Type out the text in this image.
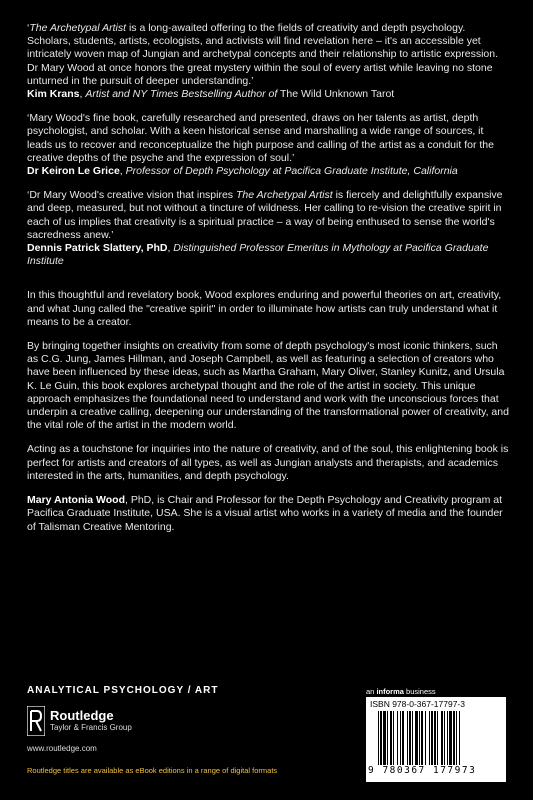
‘The Archetypal Artist is a long-awaited offering to the fields of creativity and depth psychology. Scholars, students, artists, ecologists, and activists will find revelation here – it's an accessible yet intricately woven map of Jungian and archetypal concepts and their relationship to artistic expression. Dr Mary Wood at once honors the great mystery within the soul of every artist while leaving no stone unturned in the pursuit of deeper understanding.’

Kim Krans, Artist and NY Times Bestselling Author of The Wild Unknown Tarot

‘Mary Wood's fine book, carefully researched and presented, draws on her talents as artist, depth psychologist, and scholar. With a keen historical sense and marshalling a wide range of sources, it leads us to recover and reconceptualize the high purpose and calling of the artist as a conduit for the creative depths of the psyche and the expression of soul.’

Dr Keiron Le Grice, Professor of Depth Psychology at Pacifica Graduate Institute, California

‘Dr Mary Wood's creative vision that inspires The Archetypal Artist is fiercely and delightfully expansive and deep, measured, but not without a tincture of wildness. Her calling to re-vision the creative spirit in each of us implies that creativity is a spiritual practice – a way of being enthused to sense the world's sacredness anew.’

Dennis Patrick Slattery, PhD, Distinguished Professor Emeritus in Mythology at Pacifica Graduate Institute

In this thoughtful and revelatory book, Wood explores enduring and powerful theories on art, creativity, and what Jung called the "creative spirit" in order to illuminate how artists can truly understand what it means to be a creator.

By bringing together insights on creativity from some of depth psychology's most iconic thinkers, such as C.G. Jung, James Hillman, and Joseph Campbell, as well as featuring a selection of creators who have been influenced by these ideas, such as Martha Graham, Mary Oliver, Stanley Kunitz, and Ursula K. Le Guin, this book explores archetypal thought and the role of the artist in society. This unique approach emphasizes the foundational need to understand and work with the unconscious forces that underpin a creative calling, deepening our understanding of the transformational power of creativity, and the vital role of the artist in the modern world.

Acting as a touchstone for inquiries into the nature of creativity, and of the soul, this enlightening book is perfect for artists and creators of all types, as well as Jungian analysts and therapists, and academics interested in the arts, humanities, and depth psychology.

Mary Antonia Wood, PhD, is Chair and Professor for the Depth Psychology and Creativity program at Pacifica Graduate Institute, USA. She is a visual artist who works in a variety of media and the founder of Talisman Creative Mentoring.

ANALYTICAL PSYCHOLOGY / ART
Routledge
Taylor & Francis Group
www.routledge.com
Routledge titles are available as eBook editions in a range of digital formats
an informa business
ISBN 978-0-367-17797-3
9 780367 177973
